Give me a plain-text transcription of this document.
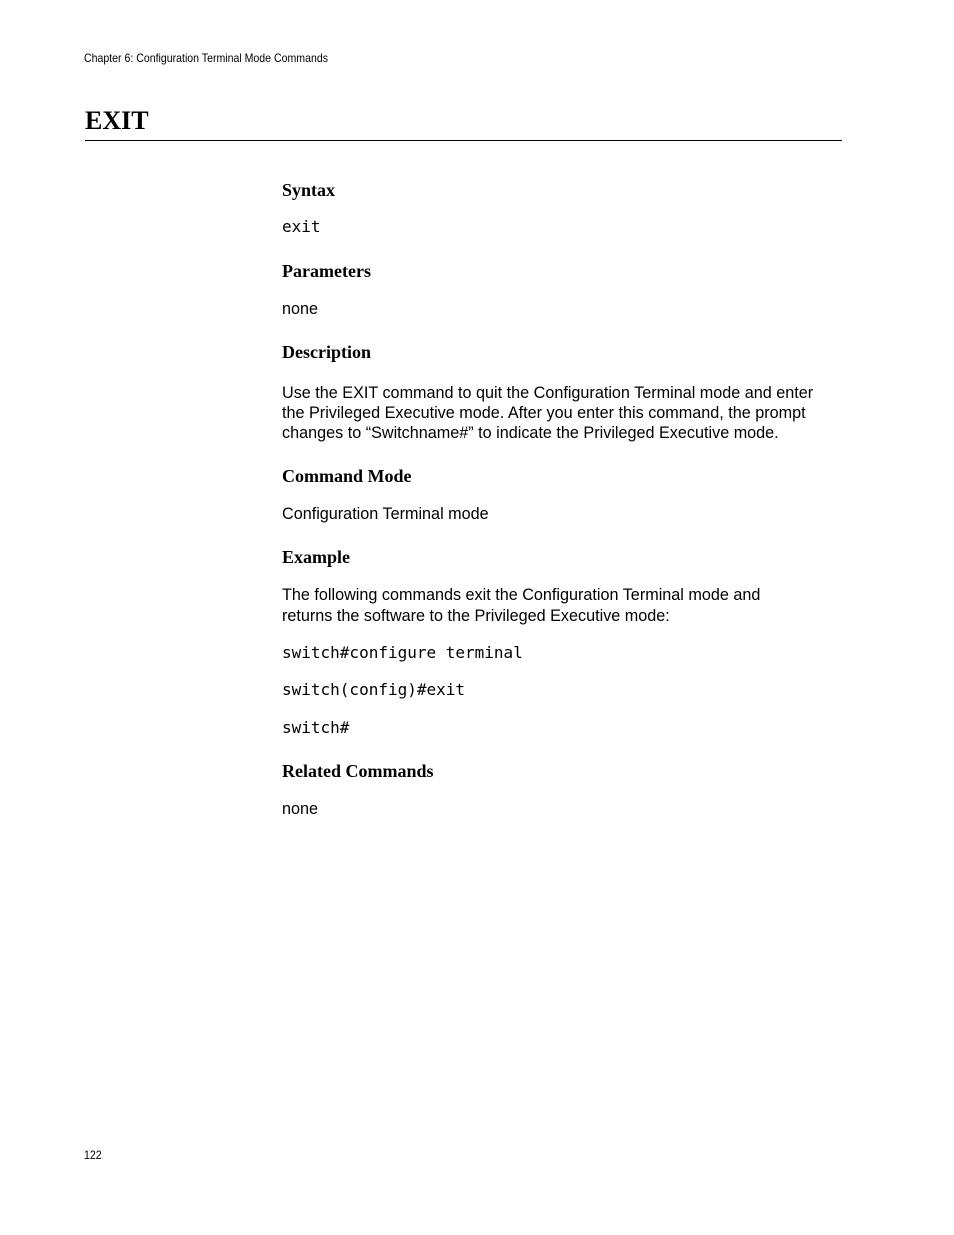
Chapter 6: Configuration Terminal Mode Commands
EXIT
Syntax

exit

Parameters

none

Description

Use the EXIT command to quit the Configuration Terminal mode and enter

the Privileged Executive mode. After you enter this command, the prompt

changes to “Switchname#” to indicate the Privileged Executive mode.

Command Mode

Configuration Terminal mode

Example

The following commands exit the Configuration Terminal mode and

returns the software to the Privileged Executive mode:

switch#configure terminal

switch(config)#exit

switch#

Related Commands

none

122
